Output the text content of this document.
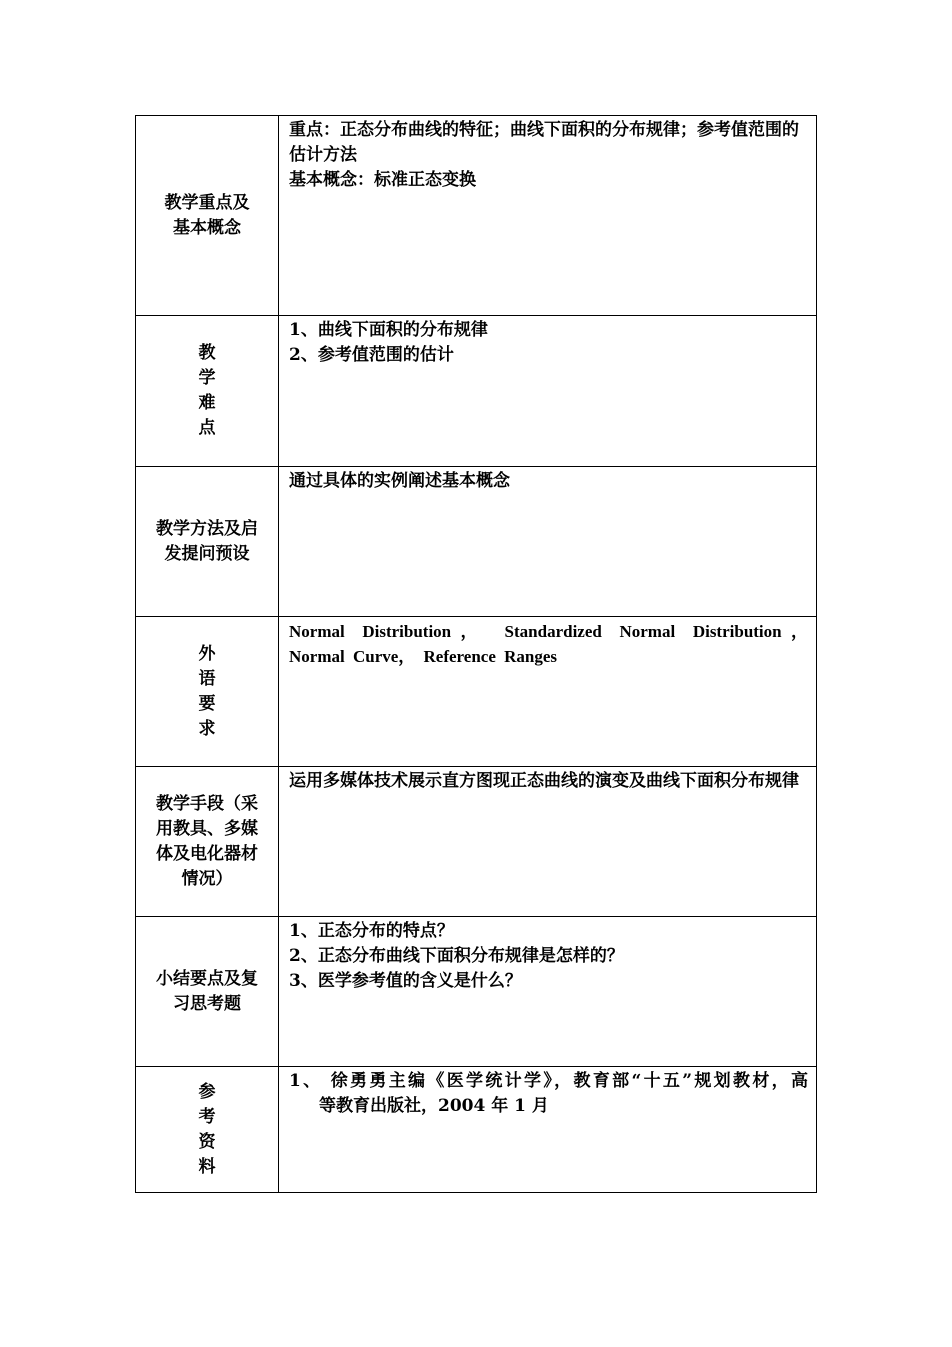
教学重点及
基本概念	重点：正态分布曲线的特征；曲线下面积的分布规律；参考值范围的估计方法
基本概念：标准正态变换

教
学
难
点	1、曲线下面积的分布规律
2、参考值范围的估计

教学方法及启
发提问预设	通过具体的实例阐述基本概念

外
语
要
求	Normal Distribution， Standardized Normal Distribution，
Normal Curve， Reference Ranges

教学手段（采
用教具、多媒
体及电化器材
情况）	运用多媒体技术展示直方图现正态曲线的演变及曲线下面积分布规律

小结要点及复
习思考题	1、正态分布的特点？
2、正态分布曲线下面积分布规律是怎样的？
3、医学参考值的含义是什么？

参
考
资
料	1、 徐勇勇主编《医学统计学》，教育部“十五”规划教材，高
等教育出版社，2004 年 1 月
